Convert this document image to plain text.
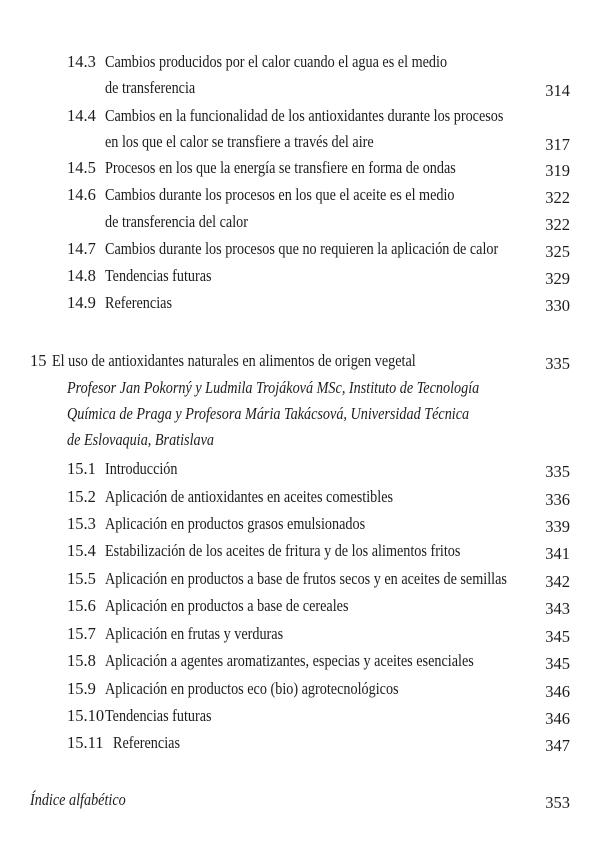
14.3 Cambios producidos por el calor cuando el agua es el medio
de transferencia	314
14.4 Cambios en la funcionalidad de los antioxidantes durante los procesos
en los que el calor se transfiere a través del aire	317
14.5 Procesos en los que la energía se transfiere en forma de ondas	319
14.6 Cambios durante los procesos en los que el aceite es el medio	322
de transferencia del calor	322
14.7 Cambios durante los procesos que no requieren la aplicación de calor	325
14.8 Tendencias futuras	329
14.9 Referencias	330
15 El uso de antioxidantes naturales en alimentos de origen vegetal	335
Profesor Jan Pokorný y Ludmila Trojáková MSc, Instituto de Tecnología
Química de Praga y Profesora Mária Takácsová, Universidad Técnica
de Eslovaquia, Bratislava
15.1 Introducción	335
15.2 Aplicación de antioxidantes en aceites comestibles	336
15.3 Aplicación en productos grasos emulsionados	339
15.4 Estabilización de los aceites de fritura y de los alimentos fritos	341
15.5 Aplicación en productos a base de frutos secos y en aceites de semillas 342
15.6 Aplicación en productos a base de cereales	343
15.7 Aplicación en frutas y verduras	345
15.8 Aplicación a agentes aromatizantes, especias y aceites esenciales	345
15.9 Aplicación en productos eco (bio) agrotecnológicos	346
15.10 Tendencias futuras	346
15.11 Referencias	347
Índice alfabético	353
